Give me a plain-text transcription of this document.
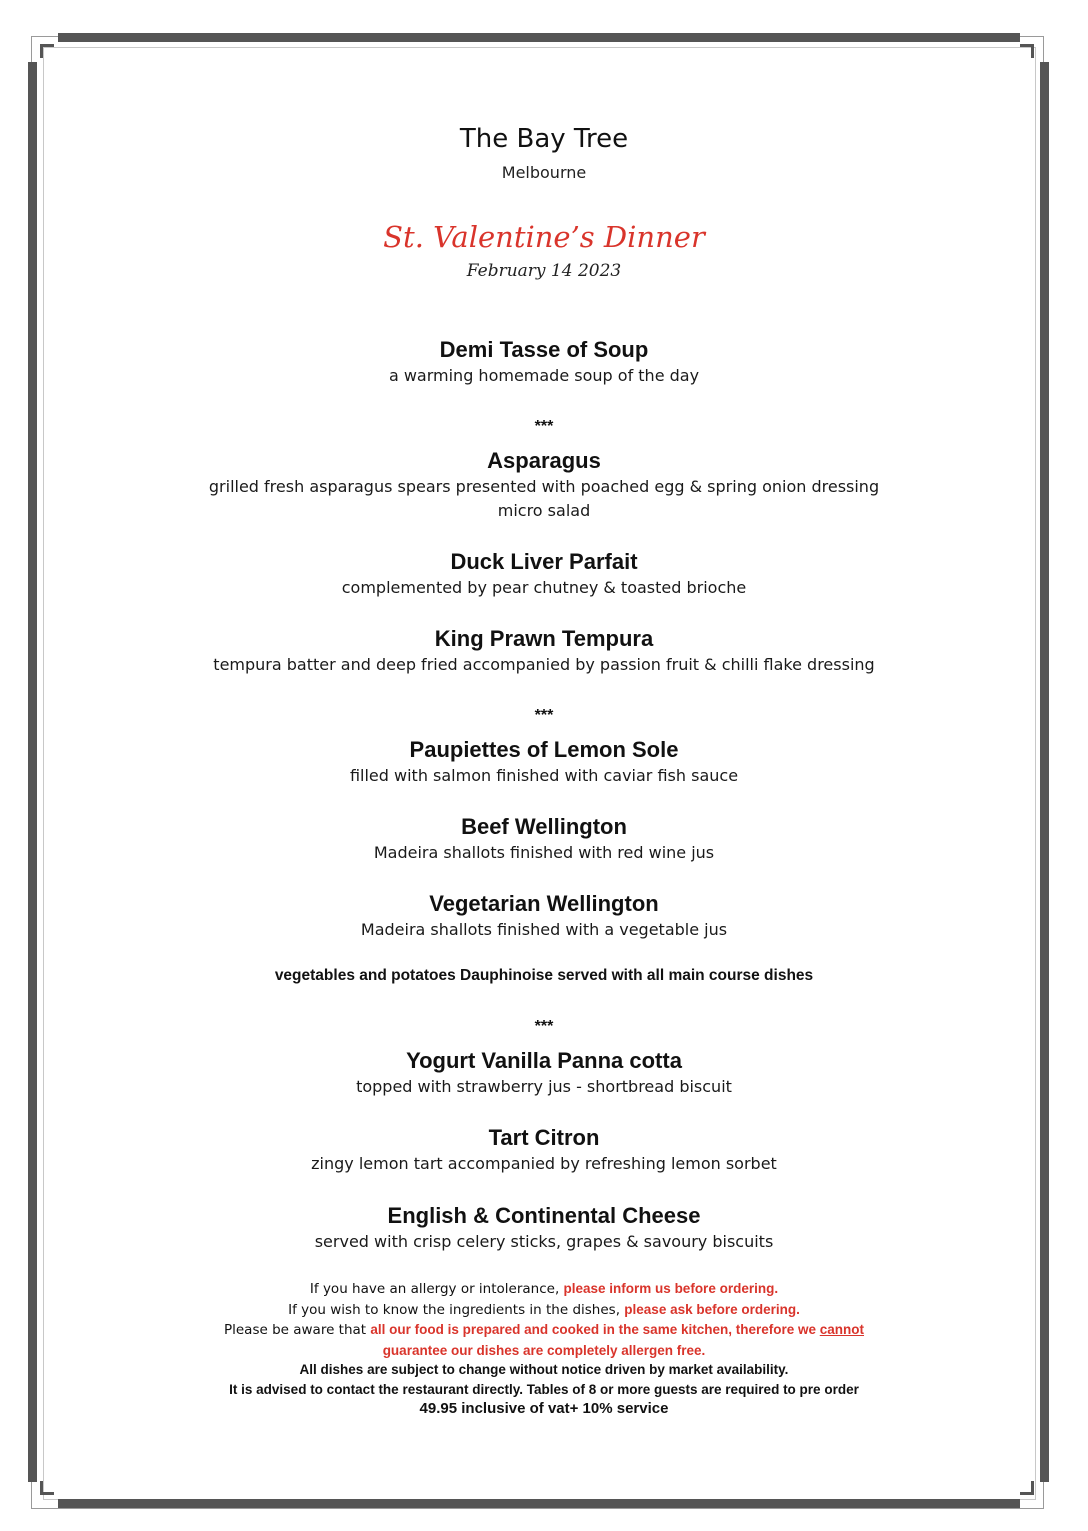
The Bay Tree
Melbourne
St. Valentine’s Dinner
February 14 2023
Demi Tasse of Soup
a warming homemade soup of the day
***
Asparagus
grilled fresh asparagus spears presented with poached egg & spring onion dressing
micro salad
Duck Liver Parfait
complemented by pear chutney & toasted brioche
King Prawn Tempura
tempura batter and deep fried accompanied by passion fruit & chilli flake dressing
***
Paupiettes of Lemon Sole
filled with salmon finished with caviar fish sauce
Beef Wellington
Madeira shallots finished with red wine jus
Vegetarian Wellington
Madeira shallots finished with a vegetable jus
vegetables and potatoes Dauphinoise served with all main course dishes
***
Yogurt Vanilla Panna cotta
topped with strawberry jus - shortbread biscuit
Tart Citron
zingy lemon tart accompanied by refreshing lemon sorbet
English & Continental Cheese
served with crisp celery sticks, grapes & savoury biscuits
If you have an allergy or intolerance, please inform us before ordering.
If you wish to know the ingredients in the dishes, please ask before ordering.
Please be aware that all our food is prepared and cooked in the same kitchen, therefore we cannot
guarantee our dishes are completely allergen free.
All dishes are subject to change without notice driven by market availability.
It is advised to contact the restaurant directly. Tables of 8 or more guests are required to pre order
49.95 inclusive of vat+ 10% service
